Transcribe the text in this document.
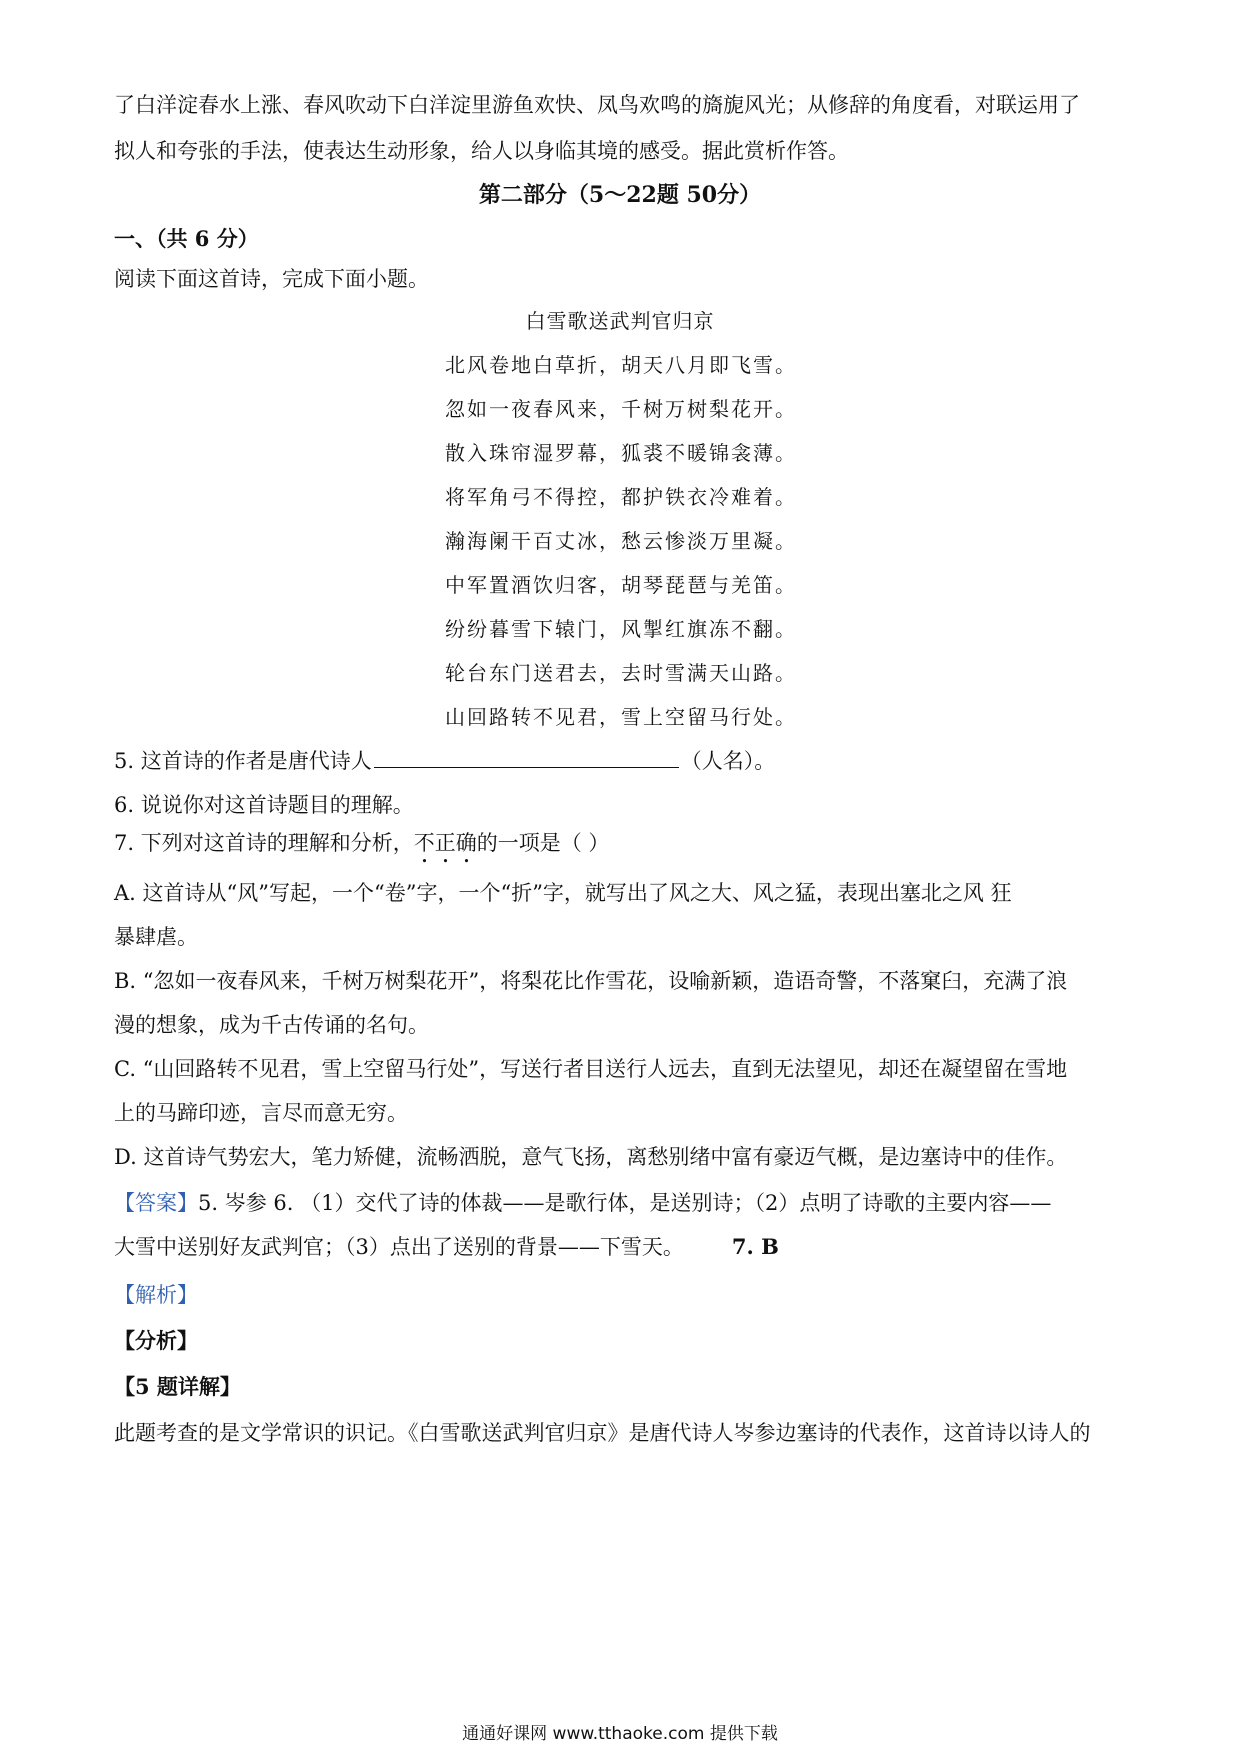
了白洋淀春水上涨、春风吹动下白洋淀里游鱼欢快、凤鸟欢鸣的旖旎风光；从修辞的角度看，对联运用了
拟人和夸张的手法，使表达生动形象，给人以身临其境的感受。据此赏析作答。
第二部分（5～22题 50分）
一、（共 6 分）
阅读下面这首诗，完成下面小题。
白雪歌送武判官归京
北风卷地白草折，胡天八月即飞雪。
忽如一夜春风来，千树万树梨花开。
散入珠帘湿罗幕，狐裘不暖锦衾薄。
将军角弓不得控，都护铁衣冷难着。
瀚海阑干百丈冰，愁云惨淡万里凝。
中军置酒饮归客，胡琴琵琶与羌笛。
纷纷暮雪下辕门，风掣红旗冻不翻。
轮台东门送君去，去时雪满天山路。
山回路转不见君，雪上空留马行处。
5. 这首诗的作者是唐代诗人	（人名）。
6. 说说你对这首诗题目的理解。
7. 下列对这首诗的理解和分析，不正确的一项是（ ）
A. 这首诗从“风”写起，一个“卷”字，一个“折”字，就写出了风之大、风之猛，表现出塞北之风 狂
暴肆虐。
B. “忽如一夜春风来，千树万树梨花开”，将梨花比作雪花，设喻新颖，造语奇警，不落窠臼，充满了浪
漫的想象，成为千古传诵的名句。
C. “山回路转不见君，雪上空留马行处”，写送行者目送行人远去，直到无法望见，却还在凝望留在雪地
上的马蹄印迹，言尽而意无穷。
D. 这首诗气势宏大，笔力矫健，流畅洒脱，意气飞扬，离愁别绪中富有豪迈气概，是边塞诗中的佳作。
【答案】5. 岑参 6. （1）交代了诗的体裁——是歌行体，是送别诗；（2）点明了诗歌的主要内容——
大雪中送别好友武判官；（3）点出了送别的背景——下雪天。 7. B
【解析】
【分析】
【5 题详解】
此题考查的是文学常识的识记。《白雪歌送武判官归京》是唐代诗人岑参边塞诗的代表作，这首诗以诗人的
通通好课网 www.tthaoke.com 提供下载
